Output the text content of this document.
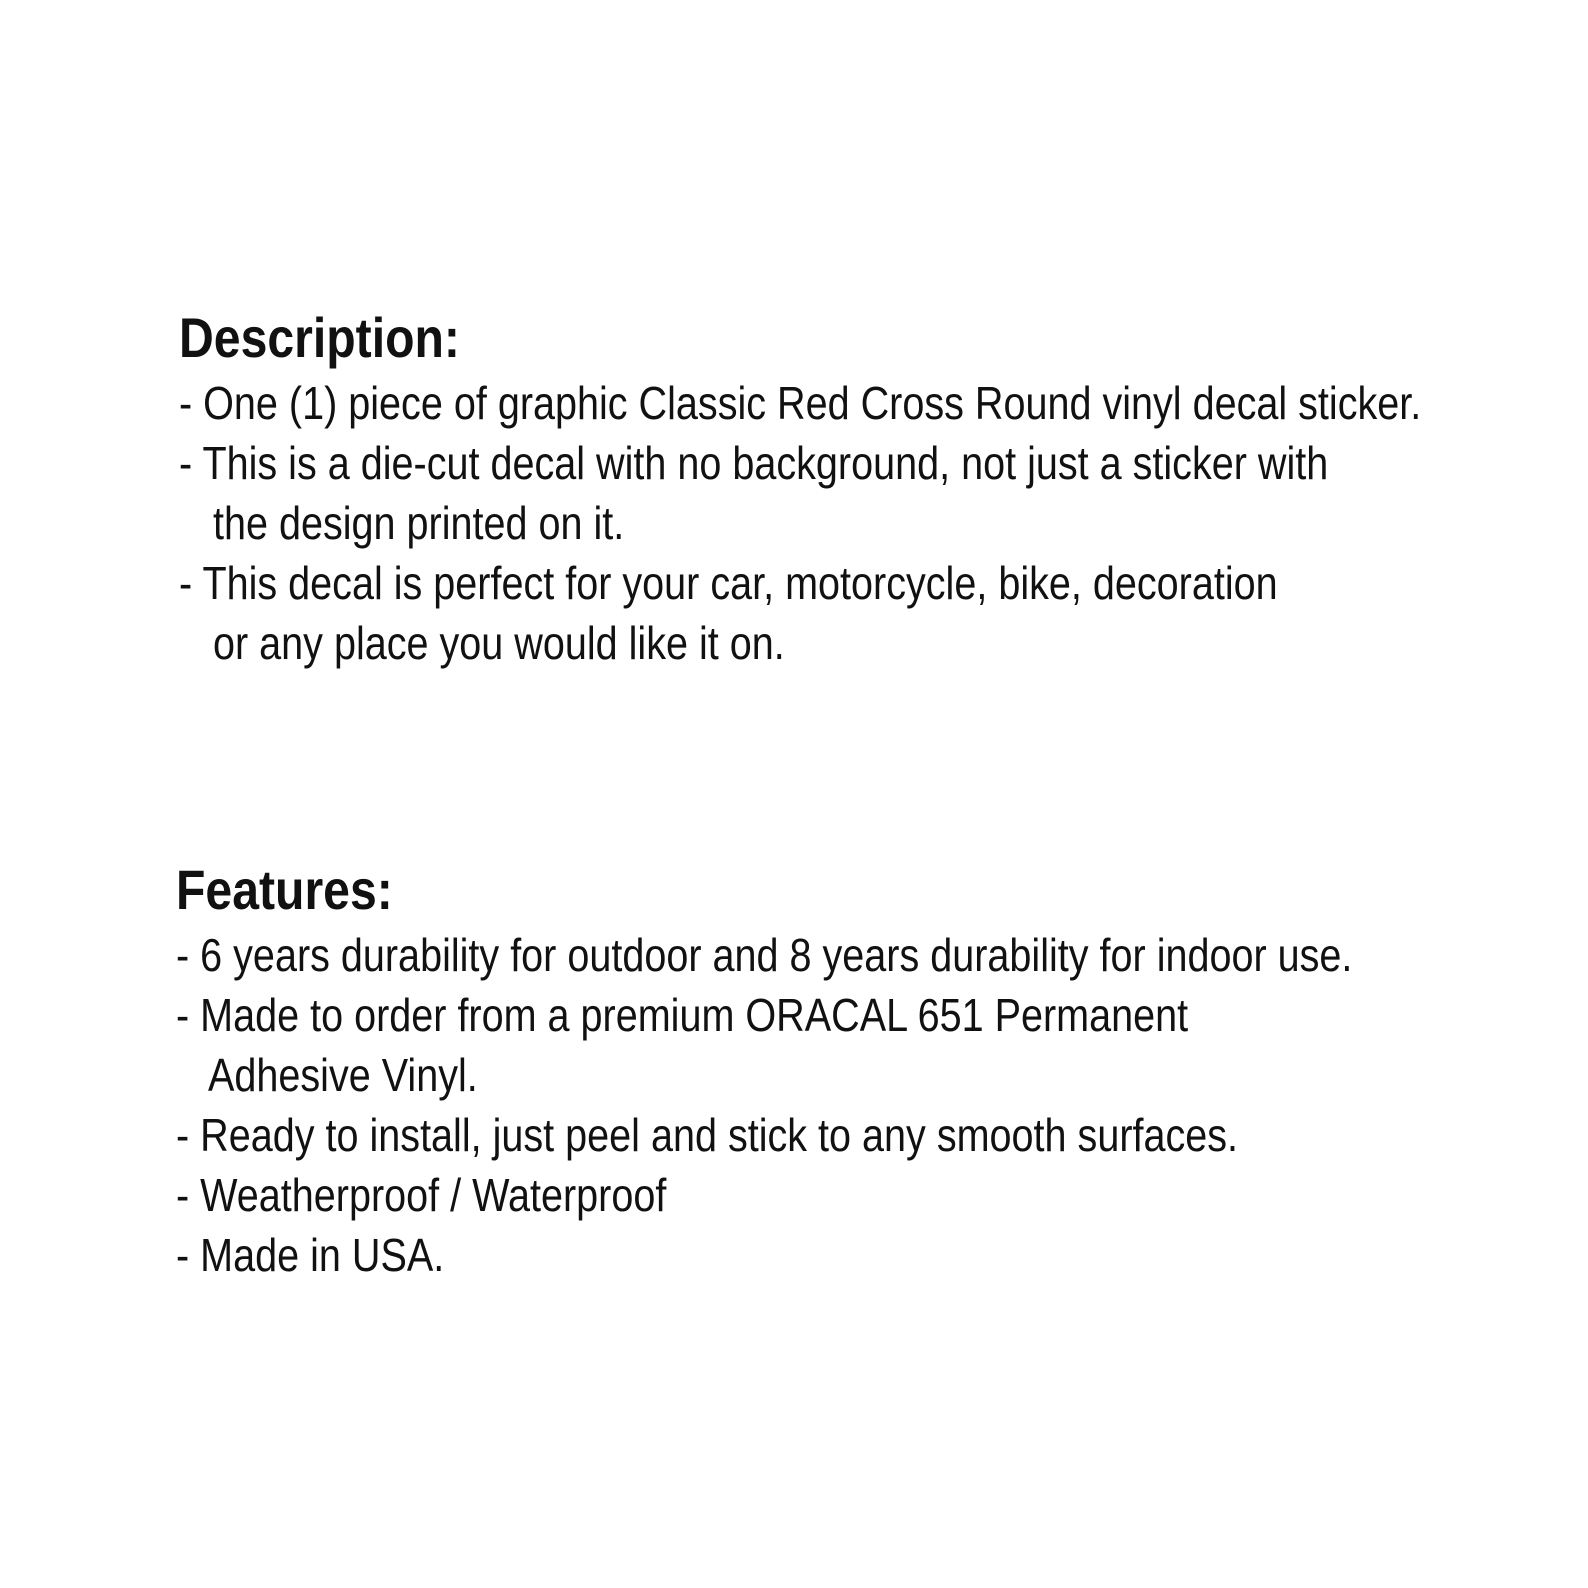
Description:

- One (1) piece of graphic Classic Red Cross Round vinyl decal sticker.

- This is a die-cut decal with no background, not just a sticker with

the design printed on it.

- This decal is perfect for your car, motorcycle, bike, decoration

or any place you would like it on.

Features:

- 6 years durability for outdoor and 8 years durability for indoor use.

- Made to order from a premium ORACAL 651 Permanent

Adhesive Vinyl.

- Ready to install, just peel and stick to any smooth surfaces.

- Weatherproof / Waterproof

- Made in USA.
